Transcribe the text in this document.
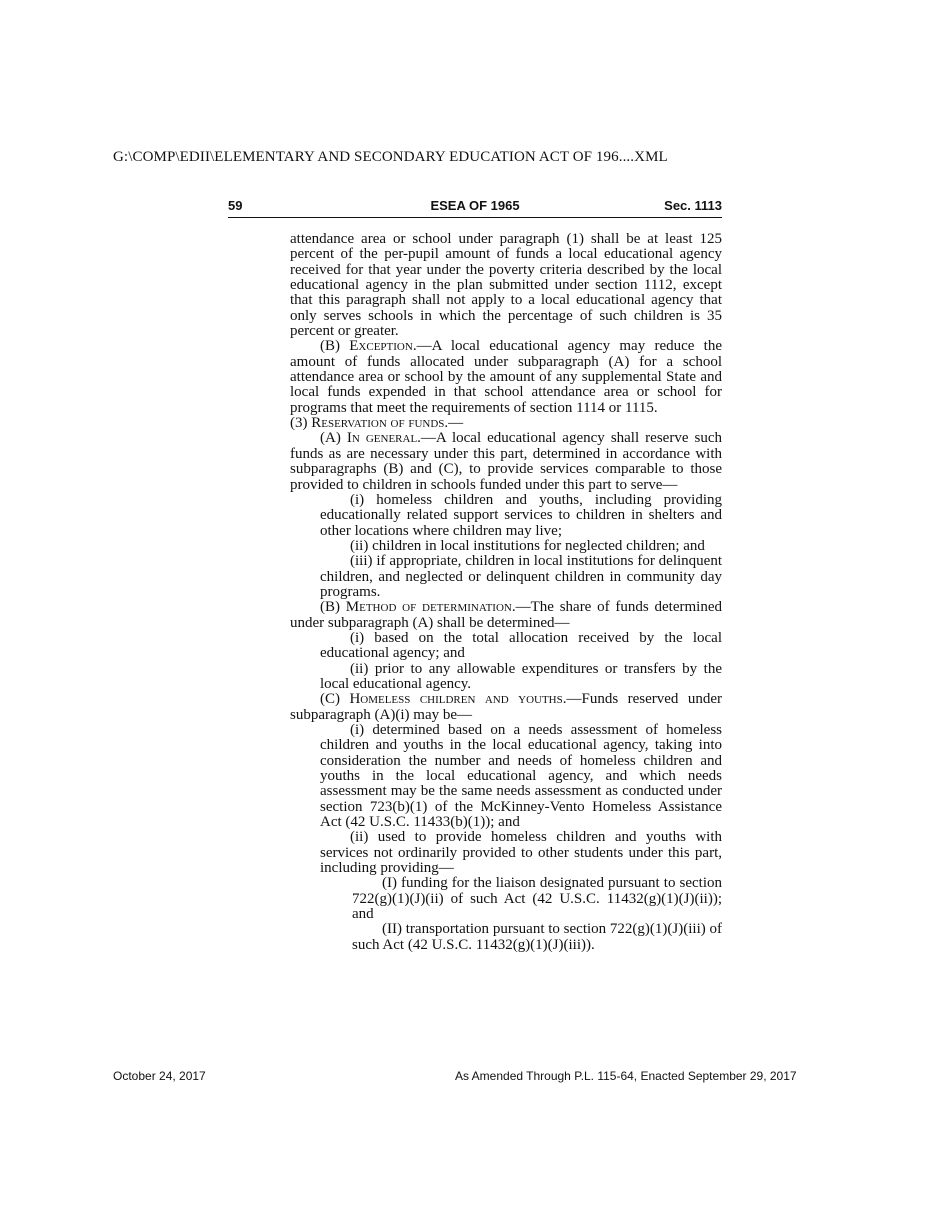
G:\COMP\EDII\ELEMENTARY AND SECONDARY EDUCATION ACT OF 196....XML
59	ESEA OF 1965	Sec. 1113

attendance area or school under paragraph (1) shall be at least 125 percent of the per-pupil amount of funds a local educational agency received for that year under the poverty criteria described by the local educational agency in the plan submitted under section 1112, except that this paragraph shall not apply to a local educational agency that only serves schools in which the percentage of such children is 35 percent or greater.

(B) Exception.—A local educational agency may reduce the amount of funds allocated under subparagraph (A) for a school attendance area or school by the amount of any supplemental State and local funds expended in that school attendance area or school for programs that meet the requirements of section 1114 or 1115.

(3) Reservation of funds.—

(A) In general.—A local educational agency shall reserve such funds as are necessary under this part, determined in accordance with subparagraphs (B) and (C), to provide services comparable to those provided to children in schools funded under this part to serve—

(i) homeless children and youths, including providing educationally related support services to children in shelters and other locations where children may live;

(ii) children in local institutions for neglected children; and

(iii) if appropriate, children in local institutions for delinquent children, and neglected or delinquent children in community day programs.

(B) Method of determination.—The share of funds determined under subparagraph (A) shall be determined—

(i) based on the total allocation received by the local educational agency; and

(ii) prior to any allowable expenditures or transfers by the local educational agency.

(C) Homeless children and youths.—Funds reserved under subparagraph (A)(i) may be—

(i) determined based on a needs assessment of homeless children and youths in the local educational agency, taking into consideration the number and needs of homeless children and youths in the local educational agency, and which needs assessment may be the same needs assessment as conducted under section 723(b)(1) of the McKinney-Vento Homeless Assistance Act (42 U.S.C. 11433(b)(1)); and

(ii) used to provide homeless children and youths with services not ordinarily provided to other students under this part, including providing—

(I) funding for the liaison designated pursuant to section 722(g)(1)(J)(ii) of such Act (42 U.S.C. 11432(g)(1)(J)(ii)); and

(II) transportation pursuant to section 722(g)(1)(J)(iii) of such Act (42 U.S.C. 11432(g)(1)(J)(iii)).

October 24, 2017	As Amended Through P.L. 115-64, Enacted September 29, 2017
